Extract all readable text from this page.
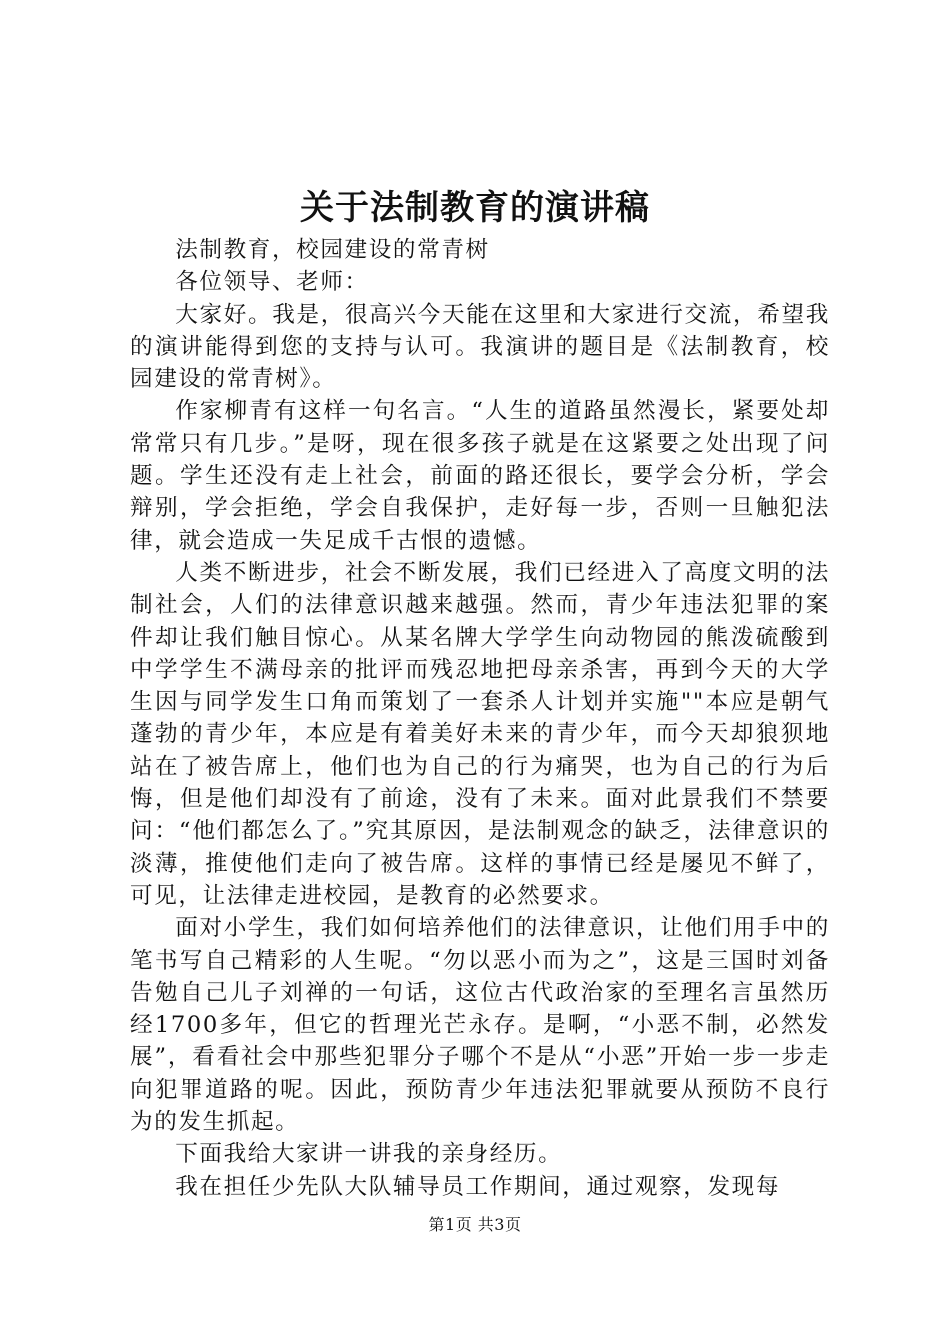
关于法制教育的演讲稿

法制教育，校园建设的常青树

各位领导、老师：

大家好。我是，很高兴今天能在这里和大家进行交流，希望我的演讲能得到您的支持与认可。我演讲的题目是《法制教育，校园建设的常青树》。

作家柳青有这样一句名言。“人生的道路虽然漫长，紧要处却常常只有几步。”是呀，现在很多孩子就是在这紧要之处出现了问题。学生还没有走上社会，前面的路还很长，要学会分析，学会辩别，学会拒绝，学会自我保护，走好每一步，否则一旦触犯法律，就会造成一失足成千古恨的遗憾。

人类不断进步，社会不断发展，我们已经进入了高度文明的法制社会，人们的法律意识越来越强。然而，青少年违法犯罪的案件却让我们触目惊心。从某名牌大学学生向动物园的熊泼硫酸到中学学生不满母亲的批评而残忍地把母亲杀害，再到今天的大学生因与同学发生口角而策划了一套杀人计划并实施""本应是朝气蓬勃的青少年，本应是有着美好未来的青少年，而今天却狼狈地站在了被告席上，他们也为自己的行为痛哭，也为自己的行为后悔，但是他们却没有了前途，没有了未来。面对此景我们不禁要问：“他们都怎么了。”究其原因，是法制观念的缺乏，法律意识的淡薄，推使他们走向了被告席。这样的事情已经是屡见不鲜了，可见，让法律走进校园，是教育的必然要求。

面对小学生，我们如何培养他们的法律意识，让他们用手中的笔书写自己精彩的人生呢。“勿以恶小而为之”，这是三国时刘备告勉自己儿子刘禅的一句话，这位古代政治家的至理名言虽然历经1700多年，但它的哲理光芒永存。是啊，“小恶不制，必然发展”，看看社会中那些犯罪分子哪个不是从“小恶”开始一步一步走向犯罪道路的呢。因此，预防青少年违法犯罪就要从预防不良行为的发生抓起。

下面我给大家讲一讲我的亲身经历。

我在担任少先队大队辅导员工作期间，通过观察，发现每

第1页 共3页
